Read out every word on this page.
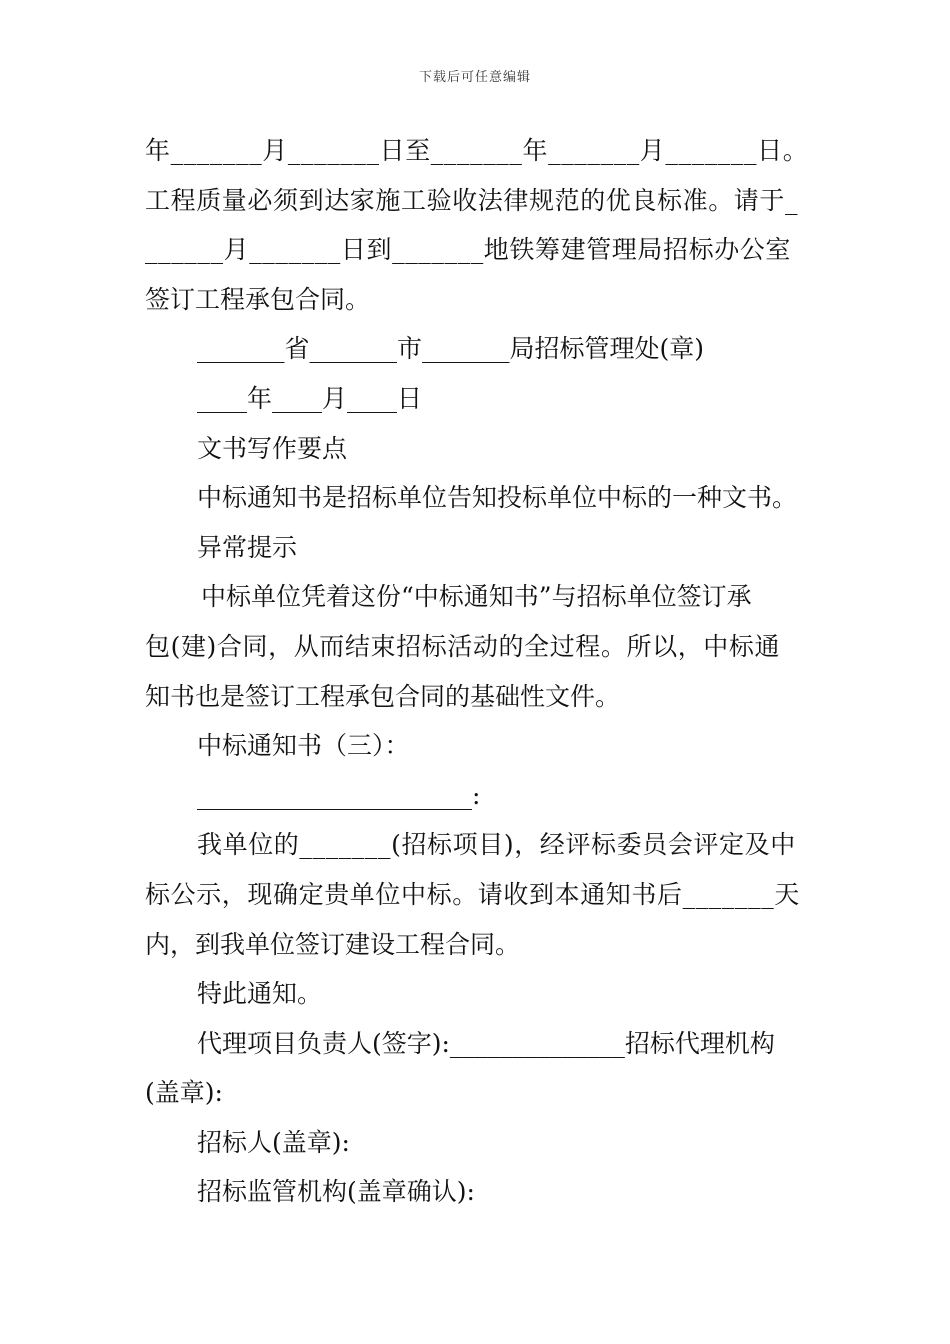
下载后可任意编辑

年_______月_______日至_______年_______月_______日。

工程质量必须到达家施工验收法律规范的优良标准。请于_

______月_______日到_______地铁筹建管理局招标办公室

签订工程承包合同。

_______省_______市_______局招标管理处(章)

____年____月____日

文书写作要点

中标通知书是招标单位告知投标单位中标的一种文书。

异常提示

中标单位凭着这份“中标通知书”与招标单位签订承

包(建)合同，从而结束招标活动的全过程。所以，中标通

知书也是签订工程承包合同的基础性文件。

中标通知书（三）：

______________________:

我单位的_______(招标项目)，经评标委员会评定及中

标公示，现确定贵单位中标。请收到本通知书后_______天

内，到我单位签订建设工程合同。

特此通知。

代理项目负责人(签字):______________招标代理机构

(盖章):

招标人(盖章):

招标监管机构(盖章确认):
